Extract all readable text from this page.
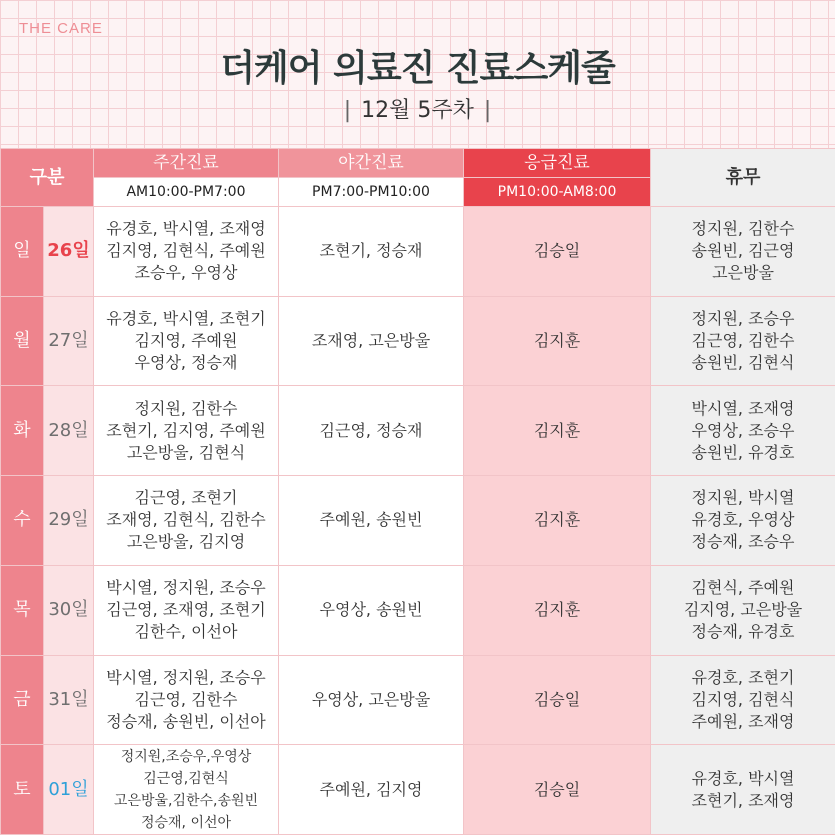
THE CARE
더케어 의료진 진료스케줄
| 12월 5주차 |
구분		주간진료	야간진료	응급진료	휴무
		AM10:00-PM7:00	PM7:00-PM10:00	PM10:00-AM8:00	
일	26일	유경호, 박시열, 조재영
김지영, 김현식, 주예원
조승우, 우영상	조현기, 정승재	김승일	정지원, 김한수
송원빈, 김근영
고은방울

월	27일	유경호, 박시열, 조현기
김지영, 주예원
우영상, 정승재	조재영, 고은방울	김지훈	정지원, 조승우
김근영, 김한수
송원빈, 김현식

화	28일	정지원, 김한수
조현기, 김지영, 주예원
고은방울, 김현식	김근영, 정승재	김지훈	박시열, 조재영
우영상, 조승우
송원빈, 유경호

수	29일	김근영, 조현기
조재영, 김현식, 김한수
고은방울, 김지영	주예원, 송원빈	김지훈	정지원, 박시열
유경호, 우영상
정승재, 조승우

목	30일	박시열, 정지원, 조승우
김근영, 조재영, 조현기
김한수, 이선아	우영상, 송원빈	김지훈	김현식, 주예원
김지영, 고은방울
정승재, 유경호

금	31일	박시열, 정지원, 조승우
김근영, 김한수
정승재, 송원빈, 이선아	우영상, 고은방울	김승일	유경호, 조현기
김지영, 김현식
주예원, 조재영

토	01일	정지원,조승우,우영상
김근영,김현식
고은방울,김한수,송원빈
정승재, 이선아	주예원, 김지영	김승일	유경호, 박시열
조현기, 조재영
